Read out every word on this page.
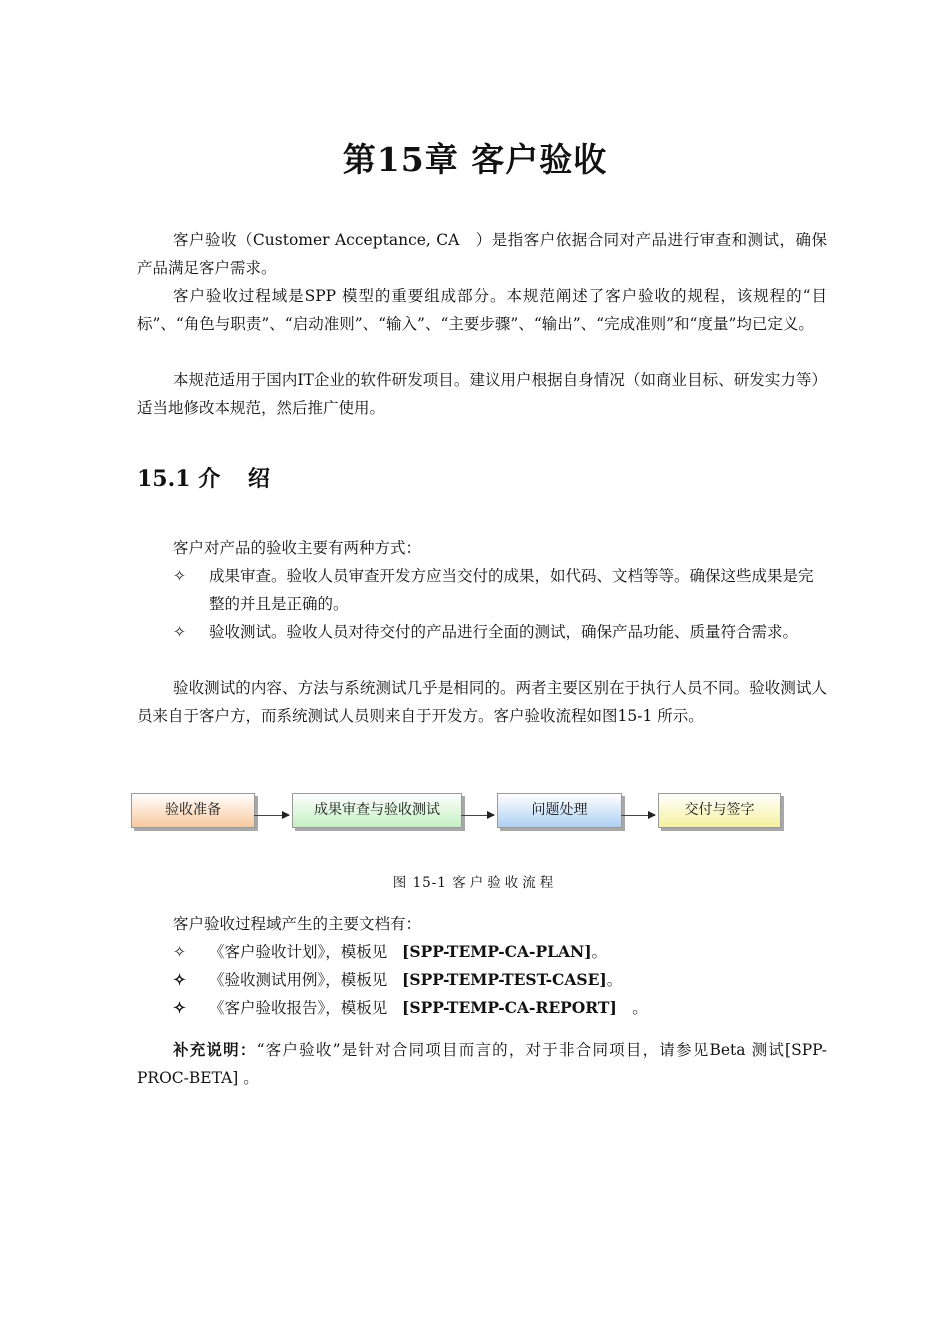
第15章 客户验收

客户验收（Customer Acceptance, CA　）是指客户依据合同对产品进行审查和测试，确保产品满足客户需求。

客户验收过程域是SPP 模型的重要组成部分。本规范阐述了客户验收的规程，该规程的“目标”、“角色与职责”、“启动准则”、“输入”、“主要步骤”、“输出”、“完成准则”和“度量”均已定义。

本规范适用于国内IT企业的软件研发项目。建议用户根据自身情况（如商业目标、研发实力等）适当地修改本规范，然后推广使用。

15.1 介 绍

客户对产品的验收主要有两种方式：

✧	成果审查。验收人员审查开发方应当交付的成果，如代码、文档等等。确保这些成果是完整的并且是正确的。
✧	验收测试。验收人员对待交付的产品进行全面的测试，确保产品功能、质量符合需求。

验收测试的内容、方法与系统测试几乎是相同的。两者主要区别在于执行人员不同。验收测试人员来自于客户方，而系统测试人员则来自于开发方。客户验收流程如图15-1 所示。

验收准备	成果审查与验收测试	问题处理	交付与签字
图 15-1 客户验收流程

客户验收过程域产生的主要文档有：

✧	《客户验收计划》，模板见 [SPP-TEMP-CA-PLAN]。
✧	《验收测试用例》，模板见 [SPP-TEMP-TEST-CASE]。
✧	《客户验收报告》，模板见 [SPP-TEMP-CA-REPORT]　。

补充说明：“客户验收”是针对合同项目而言的，对于非合同项目，请参见Beta 测试[SPP-PROC-BETA] 。
